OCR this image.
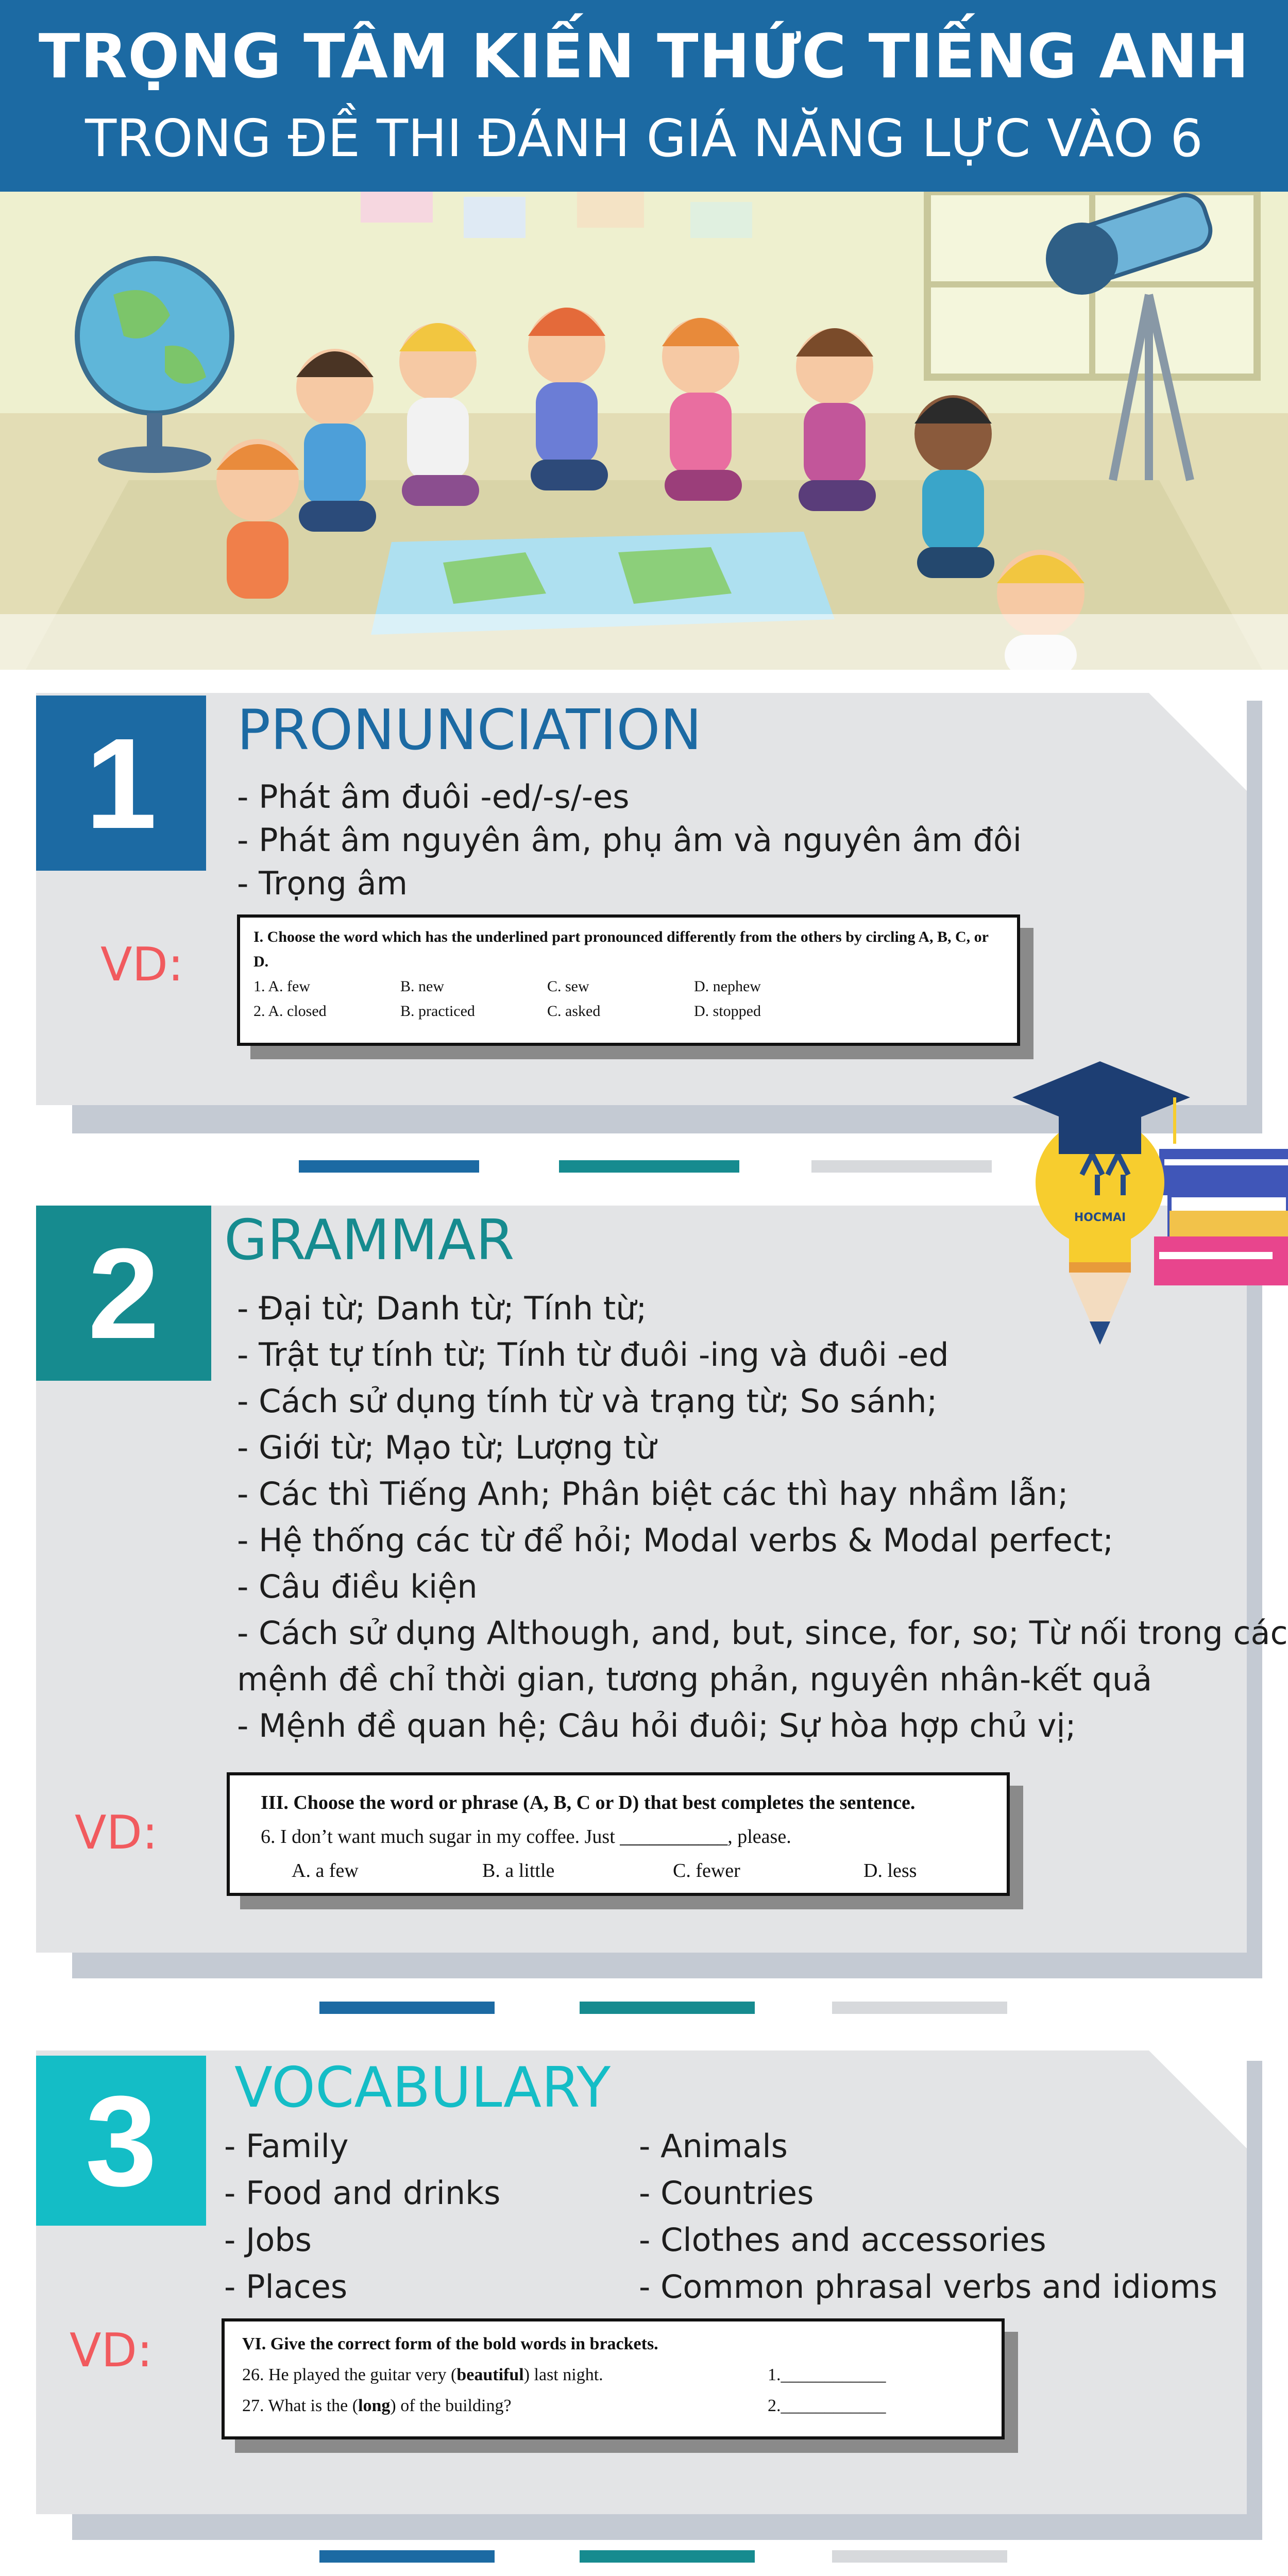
TRỌNG TÂM KIẾN THỨC TIẾNG ANH
TRONG ĐỀ THI ĐÁNH GIÁ NĂNG LỰC VÀO 6
1	PRONUNCIATION
- Phát âm đuôi -ed/-s/-es
- Phát âm nguyên âm, phụ âm và nguyên âm đôi
- Trọng âm
VD:
I. Choose the word which has the underlined part pronounced differently from the others by circling A, B, C, or D.
1. A. few	B. new	C. sew	D. nephew
2. A. closed	B. practiced	C. asked	D. stopped
2	GRAMMAR
- Đại từ; Danh từ; Tính từ;
- Trật tự tính từ; Tính từ đuôi -ing và đuôi -ed
- Cách sử dụng tính từ và trạng từ; So sánh;
- Giới từ; Mạo từ; Lượng từ
- Các thì Tiếng Anh; Phân biệt các thì hay nhầm lẫn;
- Hệ thống các từ để hỏi; Modal verbs & Modal perfect;
- Câu điều kiện
- Cách sử dụng Although, and, but, since, for, so; Từ nối trong các
mệnh đề chỉ thời gian, tương phản, nguyên nhân-kết quả
- Mệnh đề quan hệ; Câu hỏi đuôi; Sự hòa hợp chủ vị;
VD:
III. Choose the word or phrase (A, B, C or D) that best completes the sentence.
6. I don’t want much sugar in my coffee. Just ___________, please.
A. a few	B. a little	C. fewer	D. less
HOCMAI
3	VOCABULARY
- Family
- Food and drinks
- Jobs
- Places
- Animals
- Countries
- Clothes and accessories
- Common phrasal verbs and idioms
VD:	VI. Give the correct form of the bold words in brackets.
26. He played the guitar very (beautiful) last night.	1.____________
27. What is the (long) of the building?	2.____________
